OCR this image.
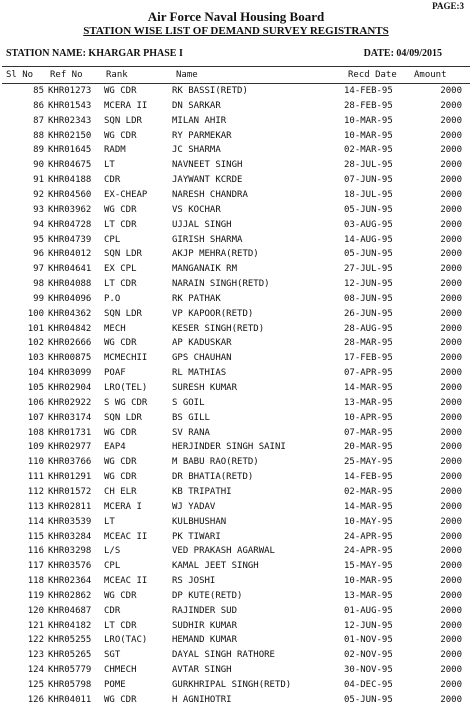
PAGE:3
Air Force Naval Housing Board
STATION WISE LIST OF DEMAND SURVEY REGISTRANTS
STATION NAME: KHARGAR PHASE I	DATE: 04/09/2015
Sl No Ref No	Rank	Name	Recd Date Amount
85 KHR01273 WG CDR	RK BASSI(RETD)	14-FEB-95	2000
86 KHR01543 MCERA II	DN SARKAR	28-FEB-95	2000
87 KHR02343 SQN LDR	MILAN AHIR	10-MAR-95	2000
88 KHR02150 WG CDR	RY PARMEKAR	10-MAR-95	2000
89 KHR01645 RADM	JC SHARMA	02-MAR-95	2000
90 KHR04675 LT	NAVNEET SINGH	28-JUL-95	2000
91 KHR04188 CDR	JAYWANT KCRDE	07-JUN-95	2000
92 KHR04560 EX-CHEAP	NARESH CHANDRA	18-JUL-95	2000
93 KHR03962 WG CDR	VS KOCHAR	05-JUN-95	2000
94 KHR04728 LT CDR	UJJAL SINGH	03-AUG-95	2000
95 KHR04739 CPL	GIRISH SHARMA	14-AUG-95	2000
96 KHR04012 SQN LDR	AKJP MEHRA(RETD)	05-JUN-95	2000
97 KHR04641 EX CPL	MANGANAIK RM	27-JUL-95	2000
98 KHR04088 LT CDR	NARAIN SINGH(RETD)	12-JUN-95	2000
99 KHR04096 P.O	RK PATHAK	08-JUN-95	2000
100 KHR04362 SQN LDR	VP KAPOOR(RETD)	26-JUN-95	2000
101 KHR04842 MECH	KESER SINGH(RETD)	28-AUG-95	2000
102 KHR02666 WG CDR	AP KADUSKAR	28-MAR-95	2000
103 KHR00875 MCMECHII	GPS CHAUHAN	17-FEB-95	2000
104 KHR03099 POAF	RL MATHIAS	07-APR-95	2000
105 KHR02904 LRO(TEL)	SURESH KUMAR	14-MAR-95	2000
106 KHR02922 S WG CDR	S GOIL	13-MAR-95	2000
107 KHR03174 SQN LDR	BS GILL	10-APR-95	2000
108 KHR01731 WG CDR	SV RANA	07-MAR-95	2000
109 KHR02977 EAP4	HERJINDER SINGH SAINI	20-MAR-95	2000
110 KHR03766 WG CDR	M BABU RAO(RETD)	25-MAY-95	2000
111 KHR01291 WG CDR	DR BHATIA(RETD)	14-FEB-95	2000
112 KHR01572 CH ELR	KB TRIPATHI	02-MAR-95	2000
113 KHR02811 MCERA I	WJ YADAV	14-MAR-95	2000
114 KHR03539 LT	KULBHUSHAN	10-MAY-95	2000
115 KHR03284 MCEAC II	PK TIWARI	24-APR-95	2000
116 KHR03298 L/S	VED PRAKASH AGARWAL	24-APR-95	2000
117 KHR03576 CPL	KAMAL JEET SINGH	15-MAY-95	2000
118 KHR02364 MCEAC II	RS JOSHI	10-MAR-95	2000
119 KHR02862 WG CDR	DP KUTE(RETD)	13-MAR-95	2000
120 KHR04687 CDR	RAJINDER SUD	01-AUG-95	2000
121 KHR04182 LT CDR	SUDHIR KUMAR	12-JUN-95	2000
122 KHR05255 LRO(TAC)	HEMAND KUMAR	01-NOV-95	2000
123 KHR05265 SGT	DAYAL SINGH RATHORE	02-NOV-95	2000
124 KHR05779 CHMECH	AVTAR SINGH	30-NOV-95	2000
125 KHR05798 POME	GURKHRIPAL SINGH(RETD)	04-DEC-95	2000
126 KHR04011 WG CDR	H AGNIHOTRI	05-JUN-95	2000
